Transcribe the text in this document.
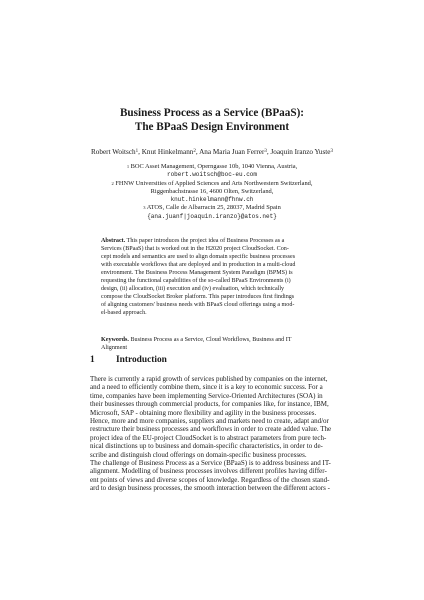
Business Process as a Service (BPaaS):
The BPaaS Design Environment
Robert Woitsch$^1$, Knut Hinkelmann$^2$, Ana Maria Juan Ferrer$^3$, Joaquin Iranzo Yuste$^3$
$^1$ BOC Asset Management, Operngasse 10b, 1040 Vienna, Austria,
robert.woitsch@boc-eu.com
$^2$ FHNW Universities of Applied Sciences and Arts Northwestern Switzerland,
Riggenbachstrasse 16, 4600 Olten, Switzerland,
knut.hinkelmann@fhnw.ch
$^3$ ATOS, Calle de Albarracin 25, 28037, Madrid Spain
{ana.juanf|joaquin.iranzo}@atos.net}
Abstract. This paper introduces the project idea of Business Processes as a
Services (BPaaS) that is worked out in the H2020 project CloudSocket. Con-
cept models and semantics are used to align domain specific business processes
with executable workflows that are deployed and in production in a multi-cloud
environment. The Business Process Management System Paradigm (BPMS) is
requesting the functional capabilities of the so-called BPaaS Environments (i)
design, (ii) allocation, (iii) execution and (iv) evaluation, which technically
compose the CloudSocket Broker platform. This paper introduces first findings
of aligning customers' business needs with BPaaS cloud offerings using a mod-
el-based approach.
Keywords. Business Process as a Service, Cloud Workflows, Business and IT
Alignment
1 Introduction
There is currently a rapid growth of services published by companies on the internet,
and a need to efficiently combine them, since it is a key to economic success. For a
time, companies have been implementing Service-Oriented Architectures (SOA) in
their businesses through commercial products, for companies like, for instance, IBM,
Microsoft, SAP - obtaining more flexibility and agility in the business processes.
Hence, more and more companies, suppliers and markets need to create, adapt and/or
restructure their business processes and workflows in order to create added value. The
project idea of the EU-project CloudSocket is to abstract parameters from pure tech-
nical distinctions up to business and domain-specific characteristics, in order to de-
scribe and distinguish cloud offerings on domain-specific business processes.
The challenge of Business Process as a Service (BPaaS) is to address business and IT-
alignment. Modelling of business processes involves different profiles having differ-
ent points of views and diverse scopes of knowledge. Regardless of the chosen stand-
ard to design business processes, the smooth interaction between the different actors -
